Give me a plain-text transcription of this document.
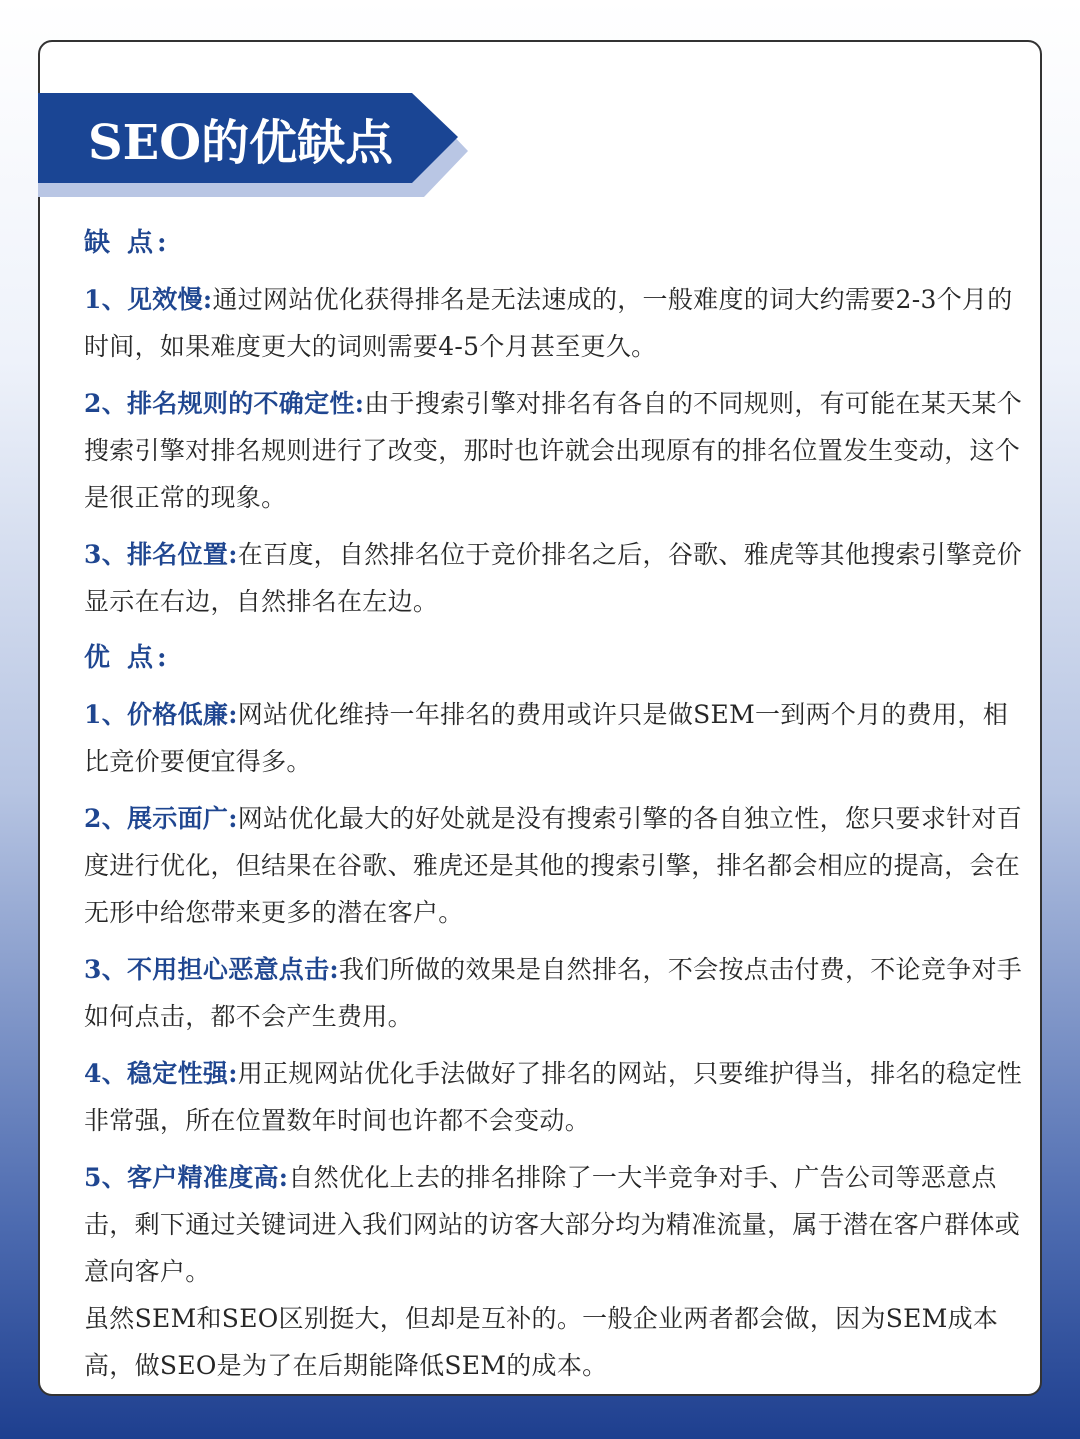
SEO的优缺点
缺 点:

1、见效慢:通过网站优化获得排名是无法速成的，一般难度的词大约需要2-3个月的时间，如果难度更大的词则需要4-5个月甚至更久。

2、排名规则的不确定性:由于搜索引擎对排名有各自的不同规则，有可能在某天某个搜索引擎对排名规则进行了改变，那时也许就会出现原有的排名位置发生变动，这个是很正常的现象。

3、排名位置:在百度，自然排名位于竞价排名之后，谷歌、雅虎等其他搜索引擎竞价显示在右边，自然排名在左边。

优 点:

1、价格低廉:网站优化维持一年排名的费用或许只是做SEM一到两个月的费用，相比竞价要便宜得多。

2、展示面广:网站优化最大的好处就是没有搜索引擎的各自独立性，您只要求针对百度进行优化，但结果在谷歌、雅虎还是其他的搜索引擎，排名都会相应的提高，会在无形中给您带来更多的潜在客户。

3、不用担心恶意点击:我们所做的效果是自然排名，不会按点击付费，不论竞争对手如何点击，都不会产生费用。

4、稳定性强:用正规网站优化手法做好了排名的网站，只要维护得当，排名的稳定性非常强，所在位置数年时间也许都不会变动。

5、客户精准度高:自然优化上去的排名排除了一大半竞争对手、广告公司等恶意点击，剩下通过关键词进入我们网站的访客大部分均为精准流量，属于潜在客户群体或意向客户。

虽然SEM和SEO区别挺大，但却是互补的。一般企业两者都会做，因为SEM成本高，做SEO是为了在后期能降低SEM的成本。
